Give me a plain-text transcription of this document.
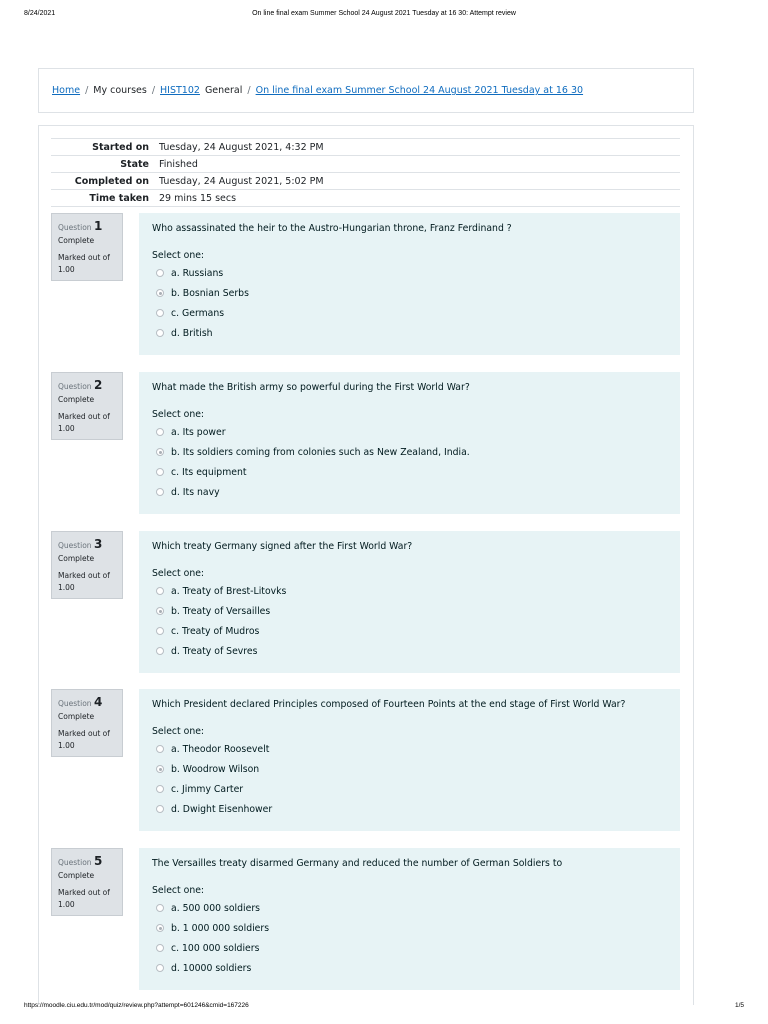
8/24/2021	On line final exam Summer School 24 August 2021 Tuesday at 16 30: Attempt review
Home / My courses / HIST102 General / On line final exam Summer School 24 August 2021 Tuesday at 16 30
Started on	Tuesday, 24 August 2021, 4:32 PM
State	Finished
Completed on	Tuesday, 24 August 2021, 5:02 PM
Time taken	29 mins 15 secs
Question 1
Complete
Marked out of 1.00
Who assassinated the heir to the Austro-Hungarian throne, Franz Ferdinand ?
Select one:
a. Russians
b. Bosnian Serbs
c. Germans
d. British
Question 2
Complete
Marked out of 1.00
What made the British army so powerful during the First World War?
Select one:
a. Its power
b. Its soldiers coming from colonies such as New Zealand, India.
c. Its equipment
d. Its navy
Question 3
Complete
Marked out of 1.00
Which treaty Germany signed after the First World War?
Select one:
a. Treaty of Brest-Litovks
b. Treaty of Versailles
c. Treaty of Mudros
d. Treaty of Sevres
Question 4
Complete
Marked out of 1.00
Which President declared Principles composed of Fourteen Points at the end stage of First World War?
Select one:
a. Theodor Roosevelt
b. Woodrow Wilson
c. Jimmy Carter
d. Dwight Eisenhower
Question 5
Complete
Marked out of 1.00
The Versailles treaty disarmed Germany and reduced the number of German Soldiers to
Select one:
a. 500 000 soldiers
b. 1 000 000 soldiers
c. 100 000 soldiers
d. 10000 soldiers
https://moodle.ciu.edu.tr/mod/quiz/review.php?attempt=601246&cmid=167226	1/5
